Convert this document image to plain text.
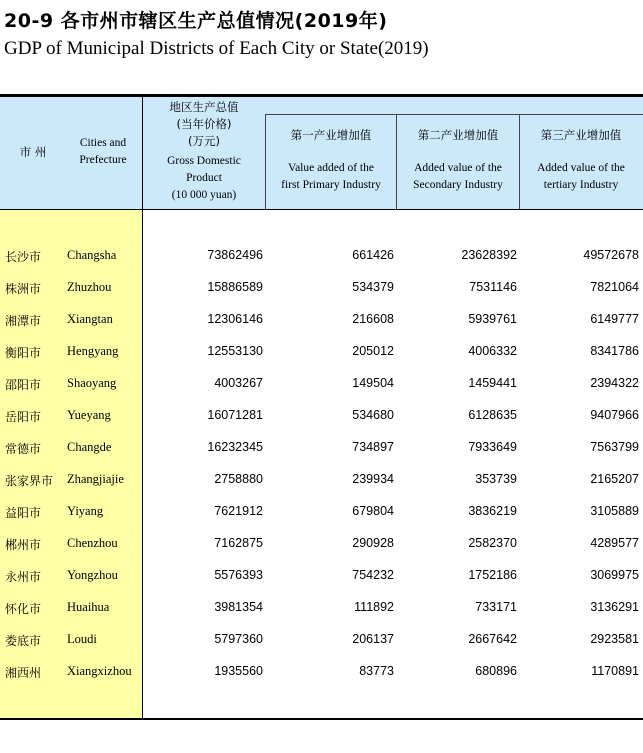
20-9 各市州市辖区生产总值情况(2019年)
GDP of Municipal Districts of Each City or State(2019)
市 州
Cities and
Prefecture
地区生产总值
(当年价格)
(万元)
Gross Domestic
Product
(10 000 yuan)
第一产业增加值
Value added of the
first Primary Industry
第二产业增加值
Added value of the
Secondary Industry
第三产业增加值
Added value of the
tertiary Industry
长沙市 Changsha	73862496	661426	23628392	49572678
株洲市 Zhuzhou	15886589	534379	7531146	7821064
湘潭市 Xiangtan	12306146	216608	5939761	6149777
衡阳市 Hengyang	12553130	205012	4006332	8341786
邵阳市 Shaoyang	4003267	149504	1459441	2394322
岳阳市 Yueyang	16071281	534680	6128635	9407966
常德市 Changde	16232345	734897	7933649	7563799
张家界市 Zhangjiajie	2758880	239934	353739	2165207
益阳市 Yiyang	7621912	679804	3836219	3105889
郴州市 Chenzhou	7162875	290928	2582370	4289577
永州市 Yongzhou	5576393	754232	1752186	3069975
怀化市 Huaihua	3981354	111892	733171	3136291
娄底市 Loudi	5797360	206137	2667642	2923581
湘西州 Xiangxizhou	1935560	83773	680896	1170891
